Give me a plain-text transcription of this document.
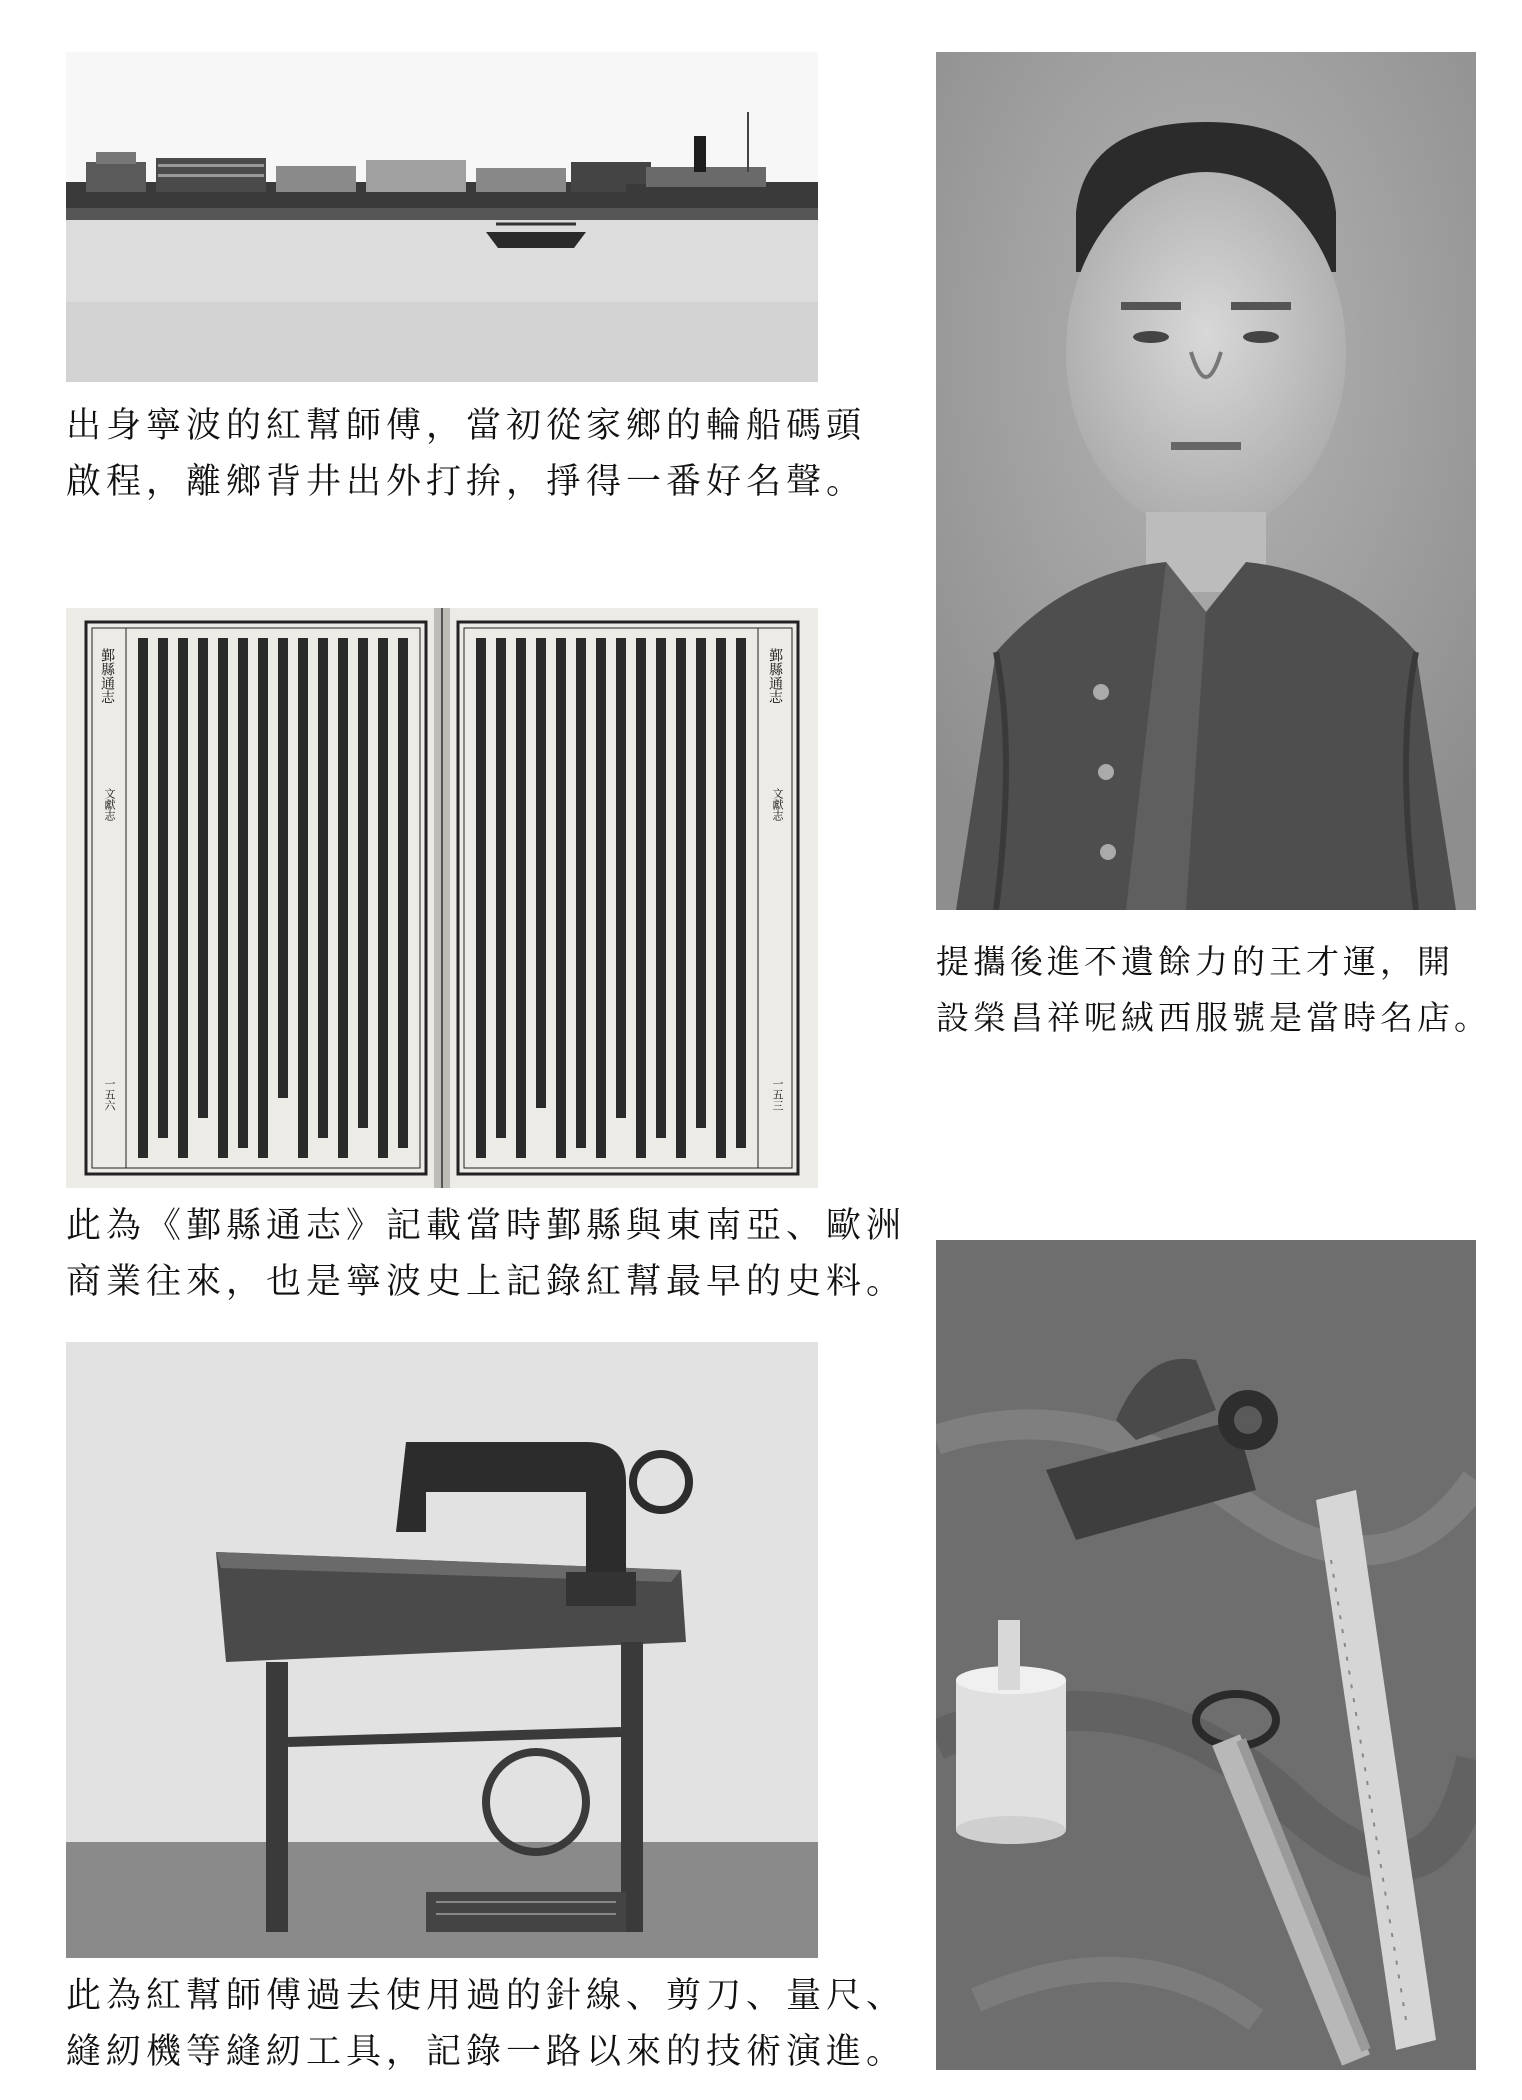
出身寧波的紅幫師傅，當初從家鄉的輪船碼頭
啟程，離鄉背井出外打拚，掙得一番好名聲。
提攜後進不遺餘力的王才運，開
設榮昌祥呢絨西服號是當時名店。
鄞縣通志
文獻志
一五六
鄞縣通志
文獻志
一五三
此為《鄞縣通志》記載當時鄞縣與東南亞、歐洲
商業往來，也是寧波史上記錄紅幫最早的史料。
此為紅幫師傅過去使用過的針線、剪刀、量尺、
縫紉機等縫紉工具，記錄一路以來的技術演進。
